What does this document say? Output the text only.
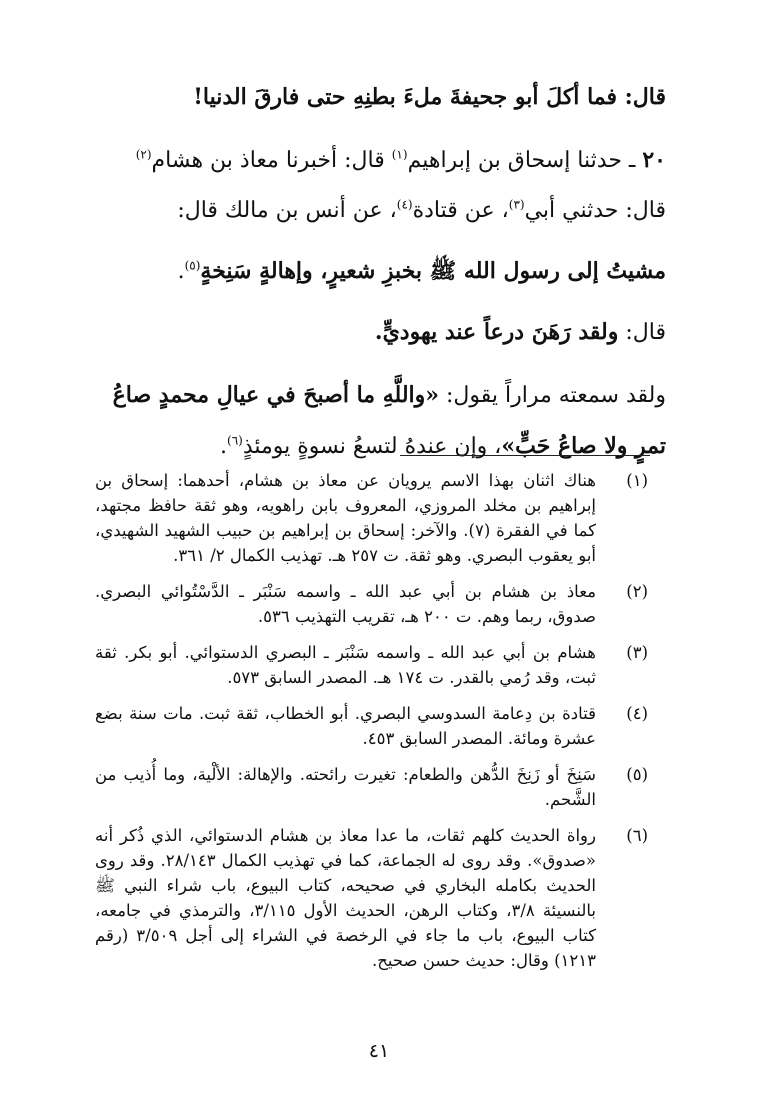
قال: فما أكلَ أبو جحيفةَ ملءَ بطنِهِ حتى فارقَ الدنيا!

٢٠ ـ حدثنا إسحاق بن إبراهيم$^{(١)}$ قال: أخبرنا معاذ بن هشام$^{(٢)}$

قال: حدثني أبي$^{(٣)}$، عن قتادة$^{(٤)}$، عن أنس بن مالك قال:

مشيتُ إلى رسول الله ﷺ بخبزِ شعيرٍ، وإهالةٍ سَنِخةٍ$^{(٥)}$.

قال: ولقد رَهَنَ درعاً عند يهوديٍّ.

ولقد سمعته مراراً يقول: «واللَّهِ ما أصبحَ في عيالِ محمدٍ صاعُ

تمرٍ ولا صاعُ حَبٍّ»، وإن عندهُ لتسعُ نسوةٍ يومئذٍ$^{(٦)}$.

(١)
هناك اثنان بهذا الاسم يرويان عن معاذ بن هشام، أحدهما: إسحاق بن إبراهيم بن مخلد المروزي، المعروف بابن راهويه، وهو ثقة حافظ مجتهد، كما في الفقرة (٧). والآخر: إسحاق بن إبراهيم بن حبيب الشهيد الشهيدي، أبو يعقوب البصري. وهو ثقة. ت ٢٥٧ هـ. تهذيب الكمال ٢/ ٣٦١.
(٢)
معاذ بن هشام بن أبي عبد الله ـ واسمه سَنْبَر ـ الدَّسْتُوائي البصري. صدوق، ربما وهم. ت ٢٠٠ هـ، تقريب التهذيب ٥٣٦.
(٣)
هشام بن أبي عبد الله ـ واسمه سَنْبَر ـ البصري الدستوائي. أبو بكر. ثقة ثبت، وقد رُمي بالقدر. ت ١٧٤ هـ. المصدر السابق ٥٧٣.
(٤)
قتادة بن دِعامة السدوسي البصري. أبو الخطاب، ثقة ثبت. مات سنة بضع عشرة ومائة. المصدر السابق ٤٥٣.
(٥)
سَنِخَ أو زَنِخَ الدُّهن والطعام: تغيرت رائحته. والإهالة: الألْية، وما أُذيب من الشَّحم.
(٦)
رواة الحديث كلهم ثقات، ما عدا معاذ بن هشام الدستوائي، الذي ذُكر أنه «صدوق». وقد روى له الجماعة، كما في تهذيب الكمال ٢٨/١٤٣. وقد روى الحديث بكامله البخاري في صحيحه، كتاب البيوع، باب شراء النبي ﷺ بالنسيئة ٣/٨، وكتاب الرهن، الحديث الأول ٣/١١٥، والترمذي في جامعه، كتاب البيوع، باب ما جاء في الرخصة في الشراء إلى أجل ٣/٥٠٩ (رقم ١٢١٣) وقال: حديث حسن صحيح.
٤١
